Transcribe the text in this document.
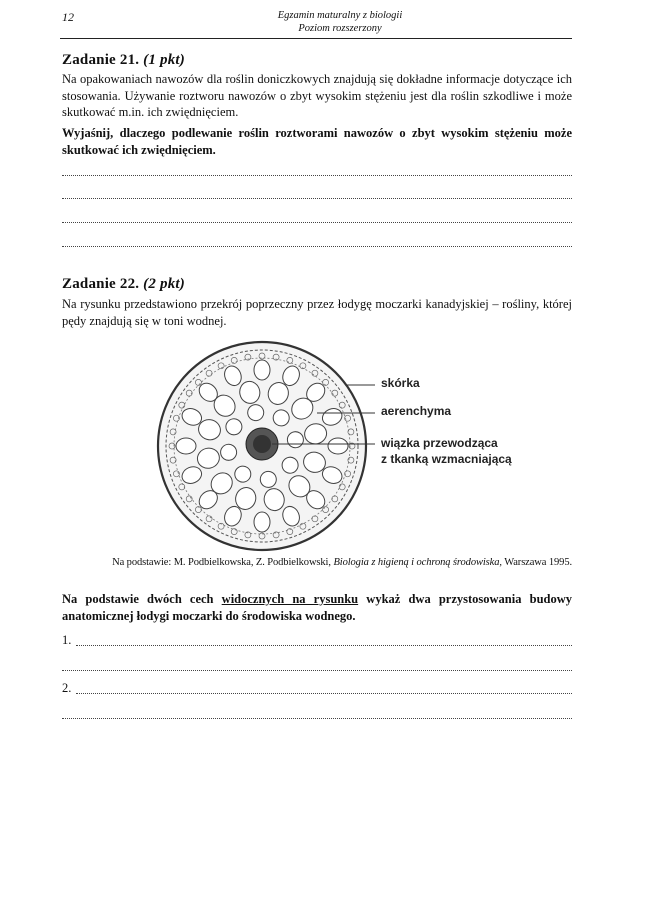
12	Egzamin maturalny z biologii
Poziom rozszerzony
Zadanie 21. (1 pkt)
Na opakowaniach nawozów dla roślin doniczkowych znajdują się dokładne informacje dotyczące ich stosowania. Używanie roztworu nawozów o zbyt wysokim stężeniu jest dla roślin szkodliwe i może skutkować m.in. ich zwiędnięciem.
Wyjaśnij, dlaczego podlewanie roślin roztworami nawozów o zbyt wysokim stężeniu może skutkować ich zwiędnięciem.
Zadanie 22. (2 pkt)
Na rysunku przedstawiono przekrój poprzeczny przez łodygę moczarki kanadyjskiej – rośliny, której pędy znajdują się w toni wodnej.
skórka
aerenchyma
wiązka przewodząca
z tkanką wzmacniającą
Na podstawie: M. Podbielkowska, Z. Podbielkowski, Biologia z higieną i ochroną środowiska, Warszawa 1995.
Na podstawie dwóch cech widocznych na rysunku wykaż dwa przystosowania budowy anatomicznej łodygi moczarki do środowiska wodnego.
1.
2.
